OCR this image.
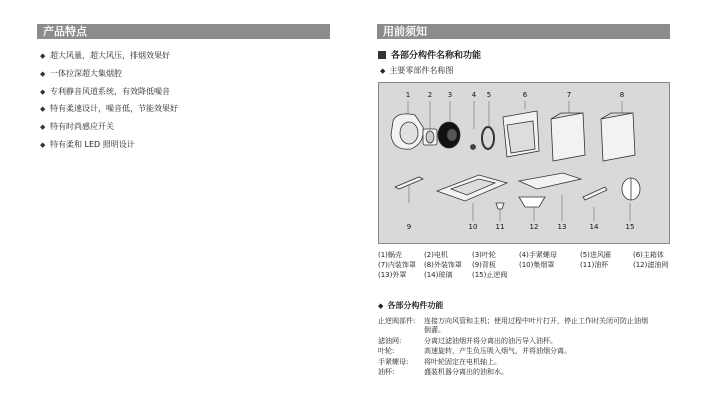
产品特点
◆ 超大风量，超大风压，排烟效果好
◆ 一体拉深超大集烟腔
◆ 专利静音风道系统，有效降低噪音
◆ 特有柔速设计，噪音低，节能效果好
◆ 特有时尚感应开关
◆ 特有柔和 LED 照明设计
用前须知
各部分构件名称和功能
◆ 主要零部件名称图
1	2 3	4 5	6	7	8
9	10	11	12	13	14	15
(1)蜗壳	(2)电机	(3)叶轮	(4)手紧螺母	(5)进风圈	(6)主箱体
(7)内装饰罩 (8)外装饰罩 (9)背板	(10)集烟罩	(11)油杯	(12)滤油网
(13)外罩	(14)玻璃	(15)止逆阀
◆ 各部分构件功能
止逆阀部件: 连接万向风管和主机；使用过程中叶片打开，停止工作时关闭可防止油烟
倒灌。
滤油网:	分离过滤油烟并将分离出的油污导入油杯。
叶轮:	高速旋转，产生负压吸入烟气，并将油烟分离。
手紧螺母: 将叶轮固定在电机轴上。
油杯:	盛装机器分离出的油和水。
